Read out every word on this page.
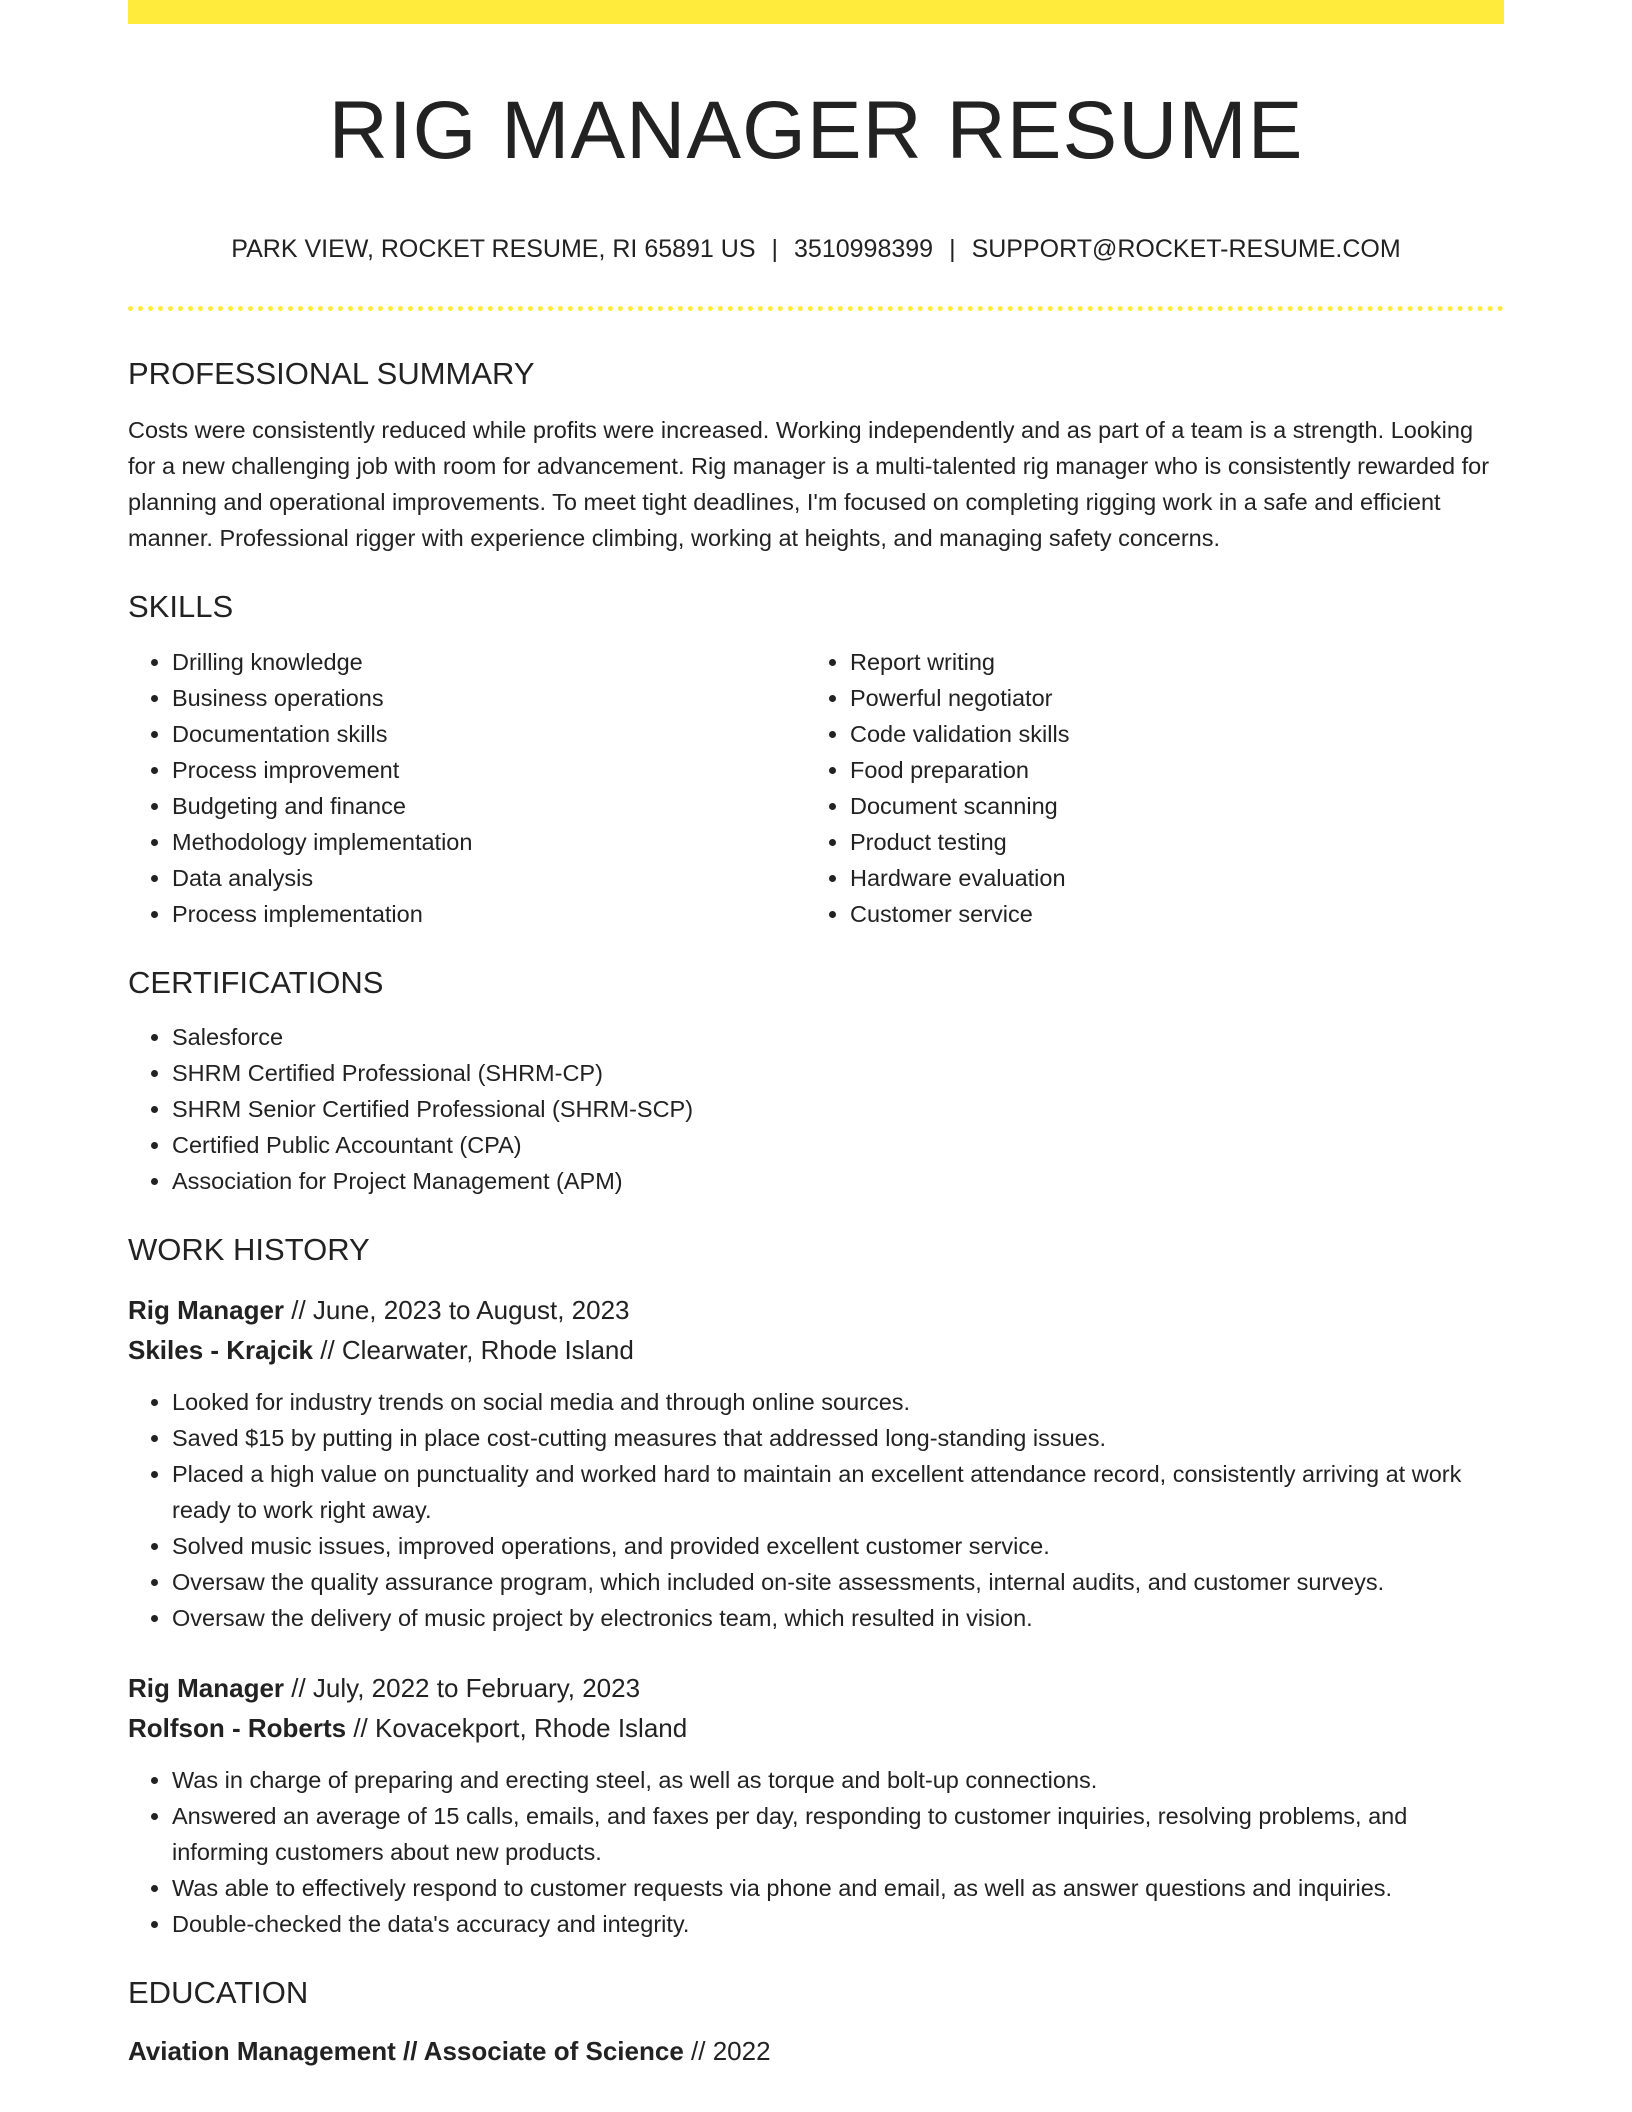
RIG MANAGER RESUME
PARK VIEW, ROCKET RESUME, RI 65891 US | 3510998399 | SUPPORT@ROCKET-RESUME.COM
PROFESSIONAL SUMMARY

Costs were consistently reduced while profits were increased. Working independently and as part of a team is a strength. Looking for a new challenging job with room for advancement. Rig manager is a multi-talented rig manager who is consistently rewarded for planning and operational improvements. To meet tight deadlines, I'm focused on completing rigging work in a safe and efficient manner. Professional rigger with experience climbing, working at heights, and managing safety concerns.

SKILLS
• Drilling knowledge
• Business operations
• Documentation skills
• Process improvement
• Budgeting and finance
• Methodology implementation
• Data analysis
• Process implementation
• Report writing
• Powerful negotiator
• Code validation skills
• Food preparation
• Document scanning
• Product testing
• Hardware evaluation
• Customer service
CERTIFICATIONS
• Salesforce
• SHRM Certified Professional (SHRM-CP)
• SHRM Senior Certified Professional (SHRM-SCP)
• Certified Public Accountant (CPA)
• Association for Project Management (APM)
WORK HISTORY

Rig Manager // June, 2023 to August, 2023

Skiles - Krajcik // Clearwater, Rhode Island

• Looked for industry trends on social media and through online sources.
• Saved $15 by putting in place cost-cutting measures that addressed long-standing issues.
• Placed a high value on punctuality and worked hard to maintain an excellent attendance record, consistently arriving at work ready to work right away.
• Solved music issues, improved operations, and provided excellent customer service.
• Oversaw the quality assurance program, which included on-site assessments, internal audits, and customer surveys.
• Oversaw the delivery of music project by electronics team, which resulted in vision.

Rig Manager // July, 2022 to February, 2023

Rolfson - Roberts // Kovacekport, Rhode Island

• Was in charge of preparing and erecting steel, as well as torque and bolt-up connections.
• Answered an average of 15 calls, emails, and faxes per day, responding to customer inquiries, resolving problems, and informing customers about new products.
• Was able to effectively respond to customer requests via phone and email, as well as answer questions and inquiries.
• Double-checked the data's accuracy and integrity.
EDUCATION

Aviation Management // Associate of Science // 2022
